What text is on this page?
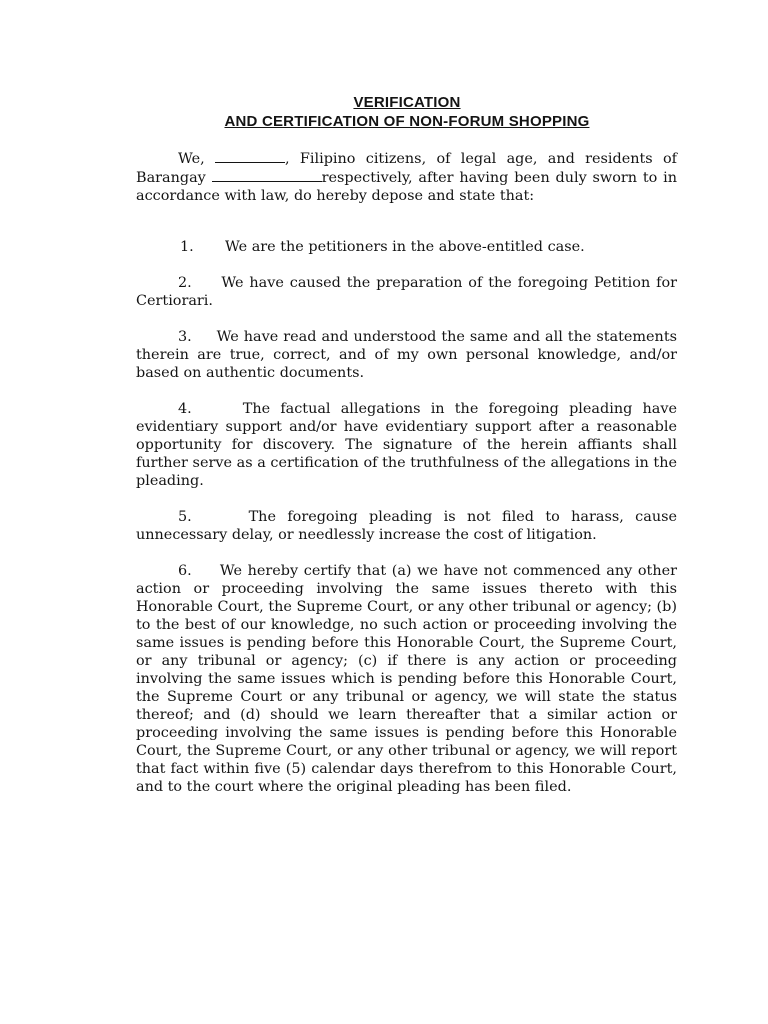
VERIFICATION
AND CERTIFICATION OF NON-FORUM SHOPPING

We,	, Filipino citizens, of legal age, and residents of Barangay	respectively, after having been duly sworn to in accordance with law, do hereby depose and state that:

1. We are the petitioners in the above-entitled case.

2. We have caused the preparation of the foregoing Petition for Certiorari.

3. We have read and understood the same and all the statements therein are true, correct, and of my own personal knowledge, and/or based on authentic documents.

4.	The factual allegations in the foregoing pleading have evidentiary support and/or have evidentiary support after a reasonable opportunity for discovery. The signature of the herein affiants shall further serve as a certification of the truthfulness of the allegations in the pleading.

5.	The foregoing pleading is not filed to harass, cause unnecessary delay, or needlessly increase the cost of litigation.

6. We hereby certify that (a) we have not commenced any other action or proceeding involving the same issues thereto with this Honorable Court, the Supreme Court, or any other tribunal or agency; (b) to the best of our knowledge, no such action or proceeding involving the same issues is pending before this Honorable Court, the Supreme Court, or any tribunal or agency; (c) if there is any action or proceeding involving the same issues which is pending before this Honorable Court, the Supreme Court or any tribunal or agency, we will state the status thereof; and (d) should we learn thereafter that a similar action or proceeding involving the same issues is pending before this Honorable Court, the Supreme Court, or any other tribunal or agency, we will report that fact within five (5) calendar days therefrom to this Honorable Court, and to the court where the original pleading has been filed.
